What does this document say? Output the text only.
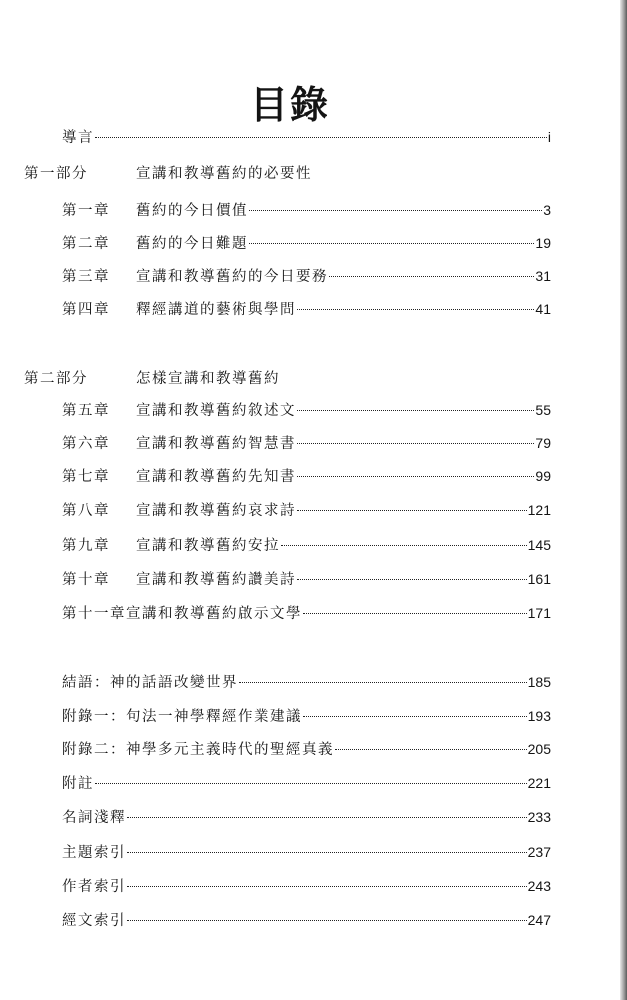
目錄
導言	i
第一部分	宣講和教導舊約的必要性
第一章	舊約的今日價值	3
第二章	舊約的今日難題	19
第三章	宣講和教導舊約的今日要務	31
第四章	釋經講道的藝術與學問	41
第二部分	怎樣宣講和教導舊約
第五章	宣講和教導舊約敘述文	55
第六章	宣講和教導舊約智慧書	79
第七章	宣講和教導舊約先知書	99
第八章	宣講和教導舊約哀求詩	121
第九章	宣講和教導舊約安拉	145
第十章	宣講和教導舊約讚美詩	161
第十一章 宣講和教導舊約啟示文學	171
結語：神的話語改變世界	185
附錄一：句法一神學釋經作業建議	193
附錄二：神學多元主義時代的聖經真義	205
附註	221
名詞淺釋	233
主題索引	237
作者索引	243
經文索引	247
